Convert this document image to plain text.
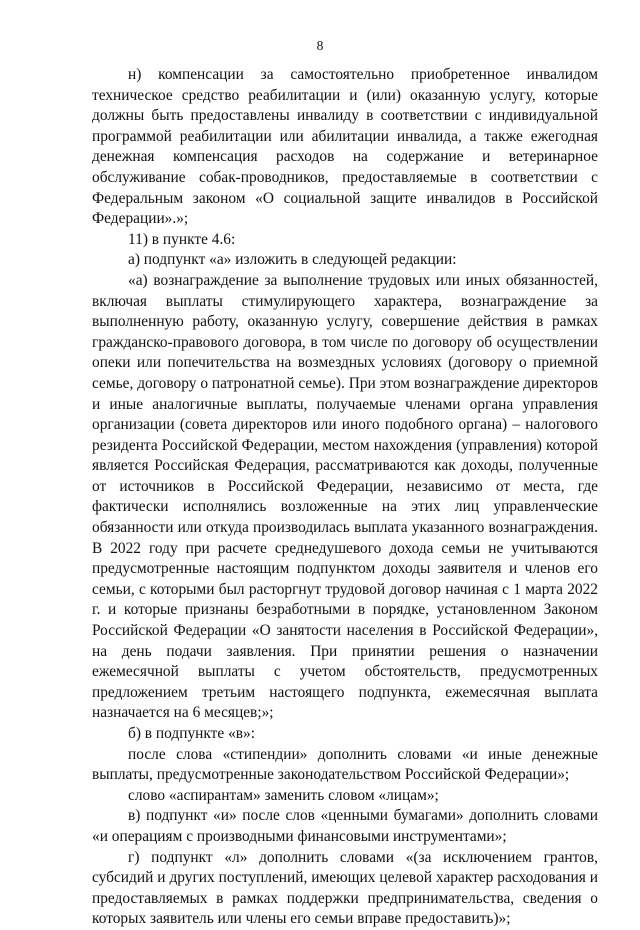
8

н) компенсации за самостоятельно приобретенное инвалидом техническое средство реабилитации и (или) оказанную услугу, которые должны быть предоставлены инвалиду в соответствии с индивидуальной программой реабилитации или абилитации инвалида, а также ежегодная денежная компенсация расходов на содержание и ветеринарное обслуживание собак-проводников, предоставляемые в соответствии с Федеральным законом «О социальной защите инвалидов в Российской Федерации».»;

11) в пункте 4.6:

а) подпункт «а» изложить в следующей редакции:

«а) вознаграждение за выполнение трудовых или иных обязанностей, включая выплаты стимулирующего характера, вознаграждение за выполненную работу, оказанную услугу, совершение действия в рамках гражданско-правового договора, в том числе по договору об осуществлении опеки или попечительства на возмездных условиях (договору о приемной семье, договору о патронатной семье). При этом вознаграждение директоров и иные аналогичные выплаты, получаемые членами органа управления организации (совета директоров или иного подобного органа) – налогового резидента Российской Федерации, местом нахождения (управления) которой является Российская Федерация, рассматриваются как доходы, полученные от источников в Российской Федерации, независимо от места, где фактически исполнялись возложенные на этих лиц управленческие обязанности или откуда производилась выплата указанного вознаграждения. В 2022 году при расчете среднедушевого дохода семьи не учитываются предусмотренные настоящим подпунктом доходы заявителя и членов его семьи, с которыми был расторгнут трудовой договор начиная с 1 марта 2022 г. и которые признаны безработными в порядке, установленном Законом Российской Федерации «О занятости населения в Российской Федерации», на день подачи заявления. При принятии решения о назначении ежемесячной выплаты с учетом обстоятельств, предусмотренных предложением третьим настоящего подпункта, ежемесячная выплата назначается на 6 месяцев;»;

б) в подпункте «в»:

после слова «стипендии» дополнить словами «и иные денежные выплаты, предусмотренные законодательством Российской Федерации»;

слово «аспирантам» заменить словом «лицам»;

в) подпункт «и» после слов «ценными бумагами» дополнить словами «и операциям с производными финансовыми инструментами»;

г) подпункт «л» дополнить словами «(за исключением грантов, субсидий и других поступлений, имеющих целевой характер расходования и предоставляемых в рамках поддержки предпринимательства, сведения о которых заявитель или члены его семьи вправе предоставить)»;
